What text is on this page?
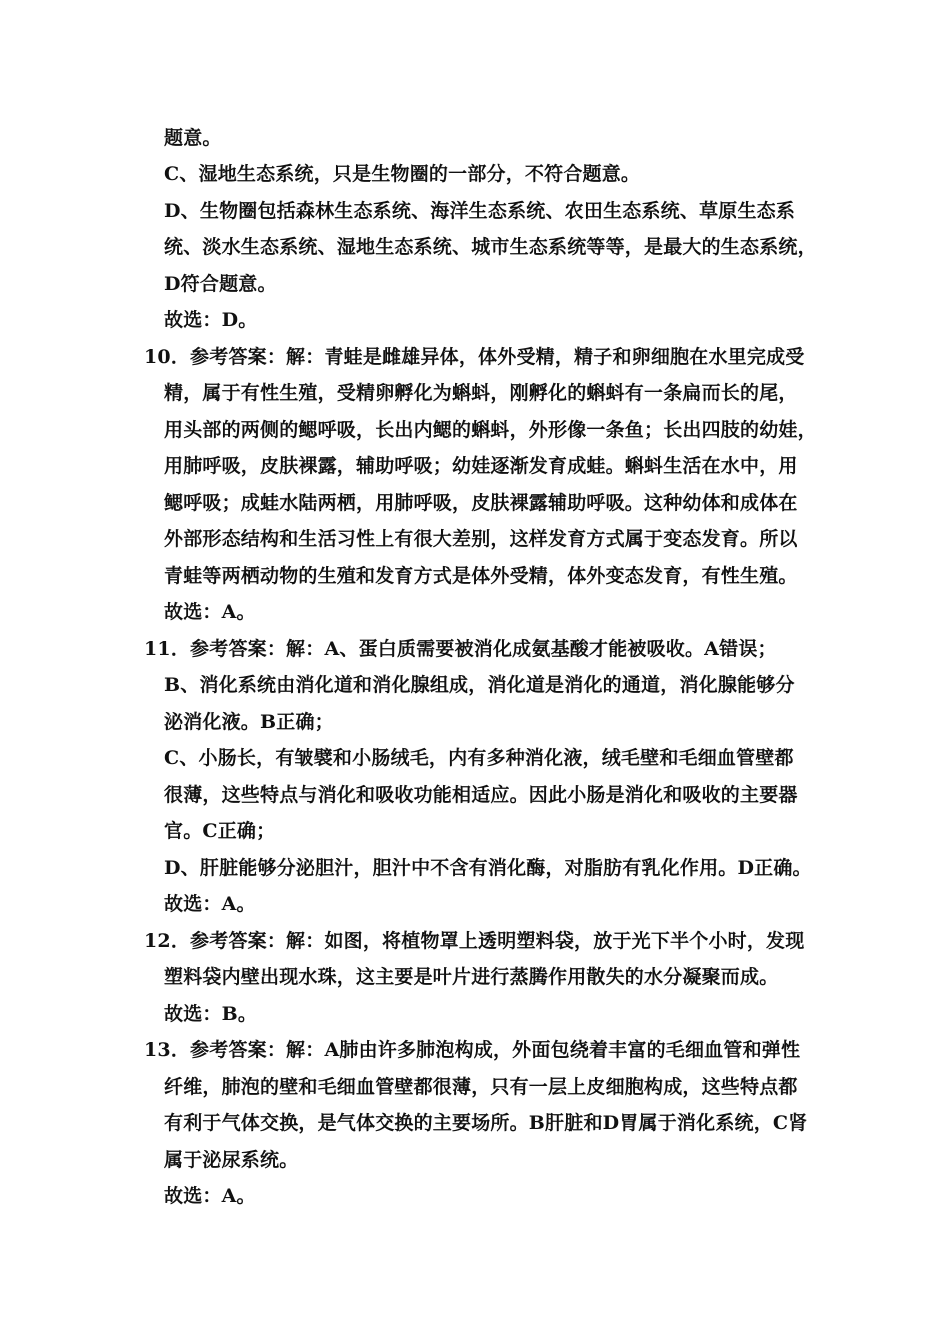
题意。
C、湿地生态系统，只是生物圈的一部分，不符合题意。
D、生物圈包括森林生态系统、海洋生态系统、农田生态系统、草原生态系
统、淡水生态系统、湿地生态系统、城市生态系统等等，是最大的生态系统，
D符合题意。
故选：D。
10．参考答案：解：青蛙是雌雄异体，体外受精，精子和卵细胞在水里完成受
精，属于有性生殖，受精卵孵化为蝌蚪，刚孵化的蝌蚪有一条扁而长的尾，
用头部的两侧的鳃呼吸，长出内鳃的蝌蚪，外形像一条鱼；长出四肢的幼娃，
用肺呼吸，皮肤裸露，辅助呼吸；幼娃逐渐发育成蛙。蝌蚪生活在水中，用
鳃呼吸；成蛙水陆两栖，用肺呼吸，皮肤裸露辅助呼吸。这种幼体和成体在
外部形态结构和生活习性上有很大差别，这样发育方式属于变态发育。所以
青蛙等两栖动物的生殖和发育方式是体外受精，体外变态发育，有性生殖。
故选：A。
11．参考答案：解：A、蛋白质需要被消化成氨基酸才能被吸收。A错误；
B、消化系统由消化道和消化腺组成，消化道是消化的通道，消化腺能够分
泌消化液。B正确；
C、小肠长，有皱襞和小肠绒毛，内有多种消化液，绒毛壁和毛细血管壁都
很薄，这些特点与消化和吸收功能相适应。因此小肠是消化和吸收的主要器
官。C正确；
D、肝脏能够分泌胆汁，胆汁中不含有消化酶，对脂肪有乳化作用。D正确。
故选：A。
12．参考答案：解：如图，将植物罩上透明塑料袋，放于光下半个小时，发现
塑料袋内壁出现水珠，这主要是叶片进行蒸腾作用散失的水分凝聚而成。
故选：B。
13．参考答案：解：A肺由许多肺泡构成，外面包绕着丰富的毛细血管和弹性
纤维，肺泡的壁和毛细血管壁都很薄，只有一层上皮细胞构成，这些特点都
有利于气体交换，是气体交换的主要场所。B肝脏和D胃属于消化系统，C肾
属于泌尿系统。
故选：A。
